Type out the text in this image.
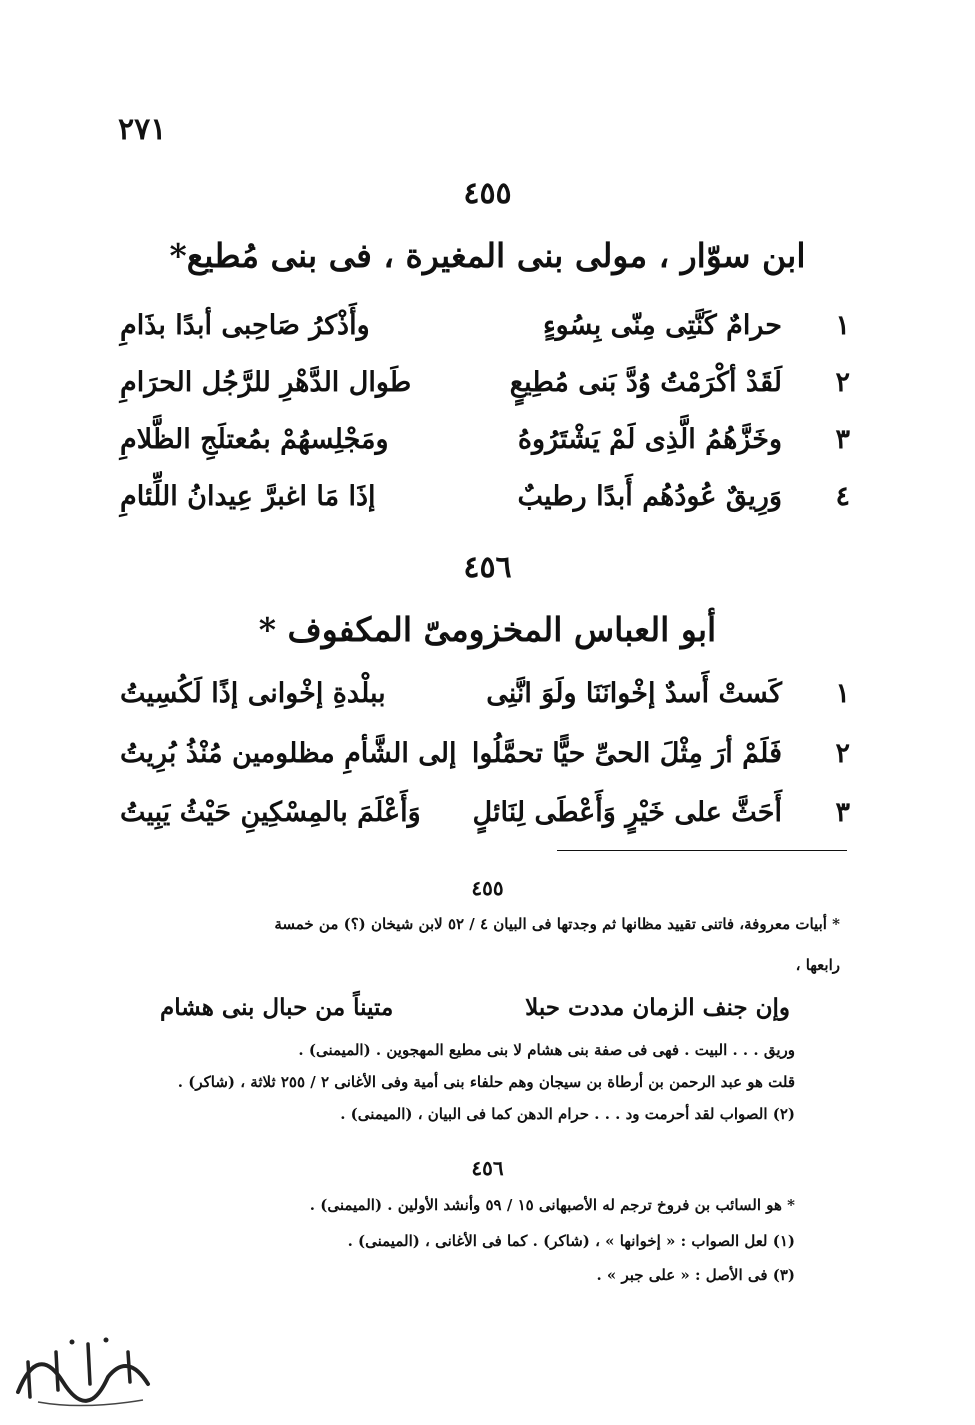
٢٧١
٤٥٥
ابن سوّار ، مولى بنى المغيرة ، فى بنى مُطيع*
١
حرامٌ كَنَّتِى مِنّى بِسُوءٍ
وأَذْكرُ صَاحِبى أبدًا بذَامِ
٢
لَقَدْ أكْرَمْتُ وُدَّ بَنى مُطِيعٍ
طَوال الدَّهْرِ للرَّجُل الحرَامِ
٣
وخَزَّهُمُ الَّذِى لَمْ يَشْتَرُوهُ
ومَجْلِسهُمْ بمُعتلَجِ الظَّلامِ
٤
وَرِيقٌ عُودُهُم أَبدًا رطيبٌ
إذَا مَا اغبرَّ عِيدانُ اللِّئامِ
٤٥٦
أبو العباس المخزومىّ المكفوف *
١
كَستْ أَسدٌ إخْوانَنَا ولَوَ انَّنِى
ببلْدةِ إخْوانى إذًا لَكُسِيتُ
٢
فَلَمْ أرَ مِثْلَ الحىِّ حيًّا تحمَّلُوا
إلى الشَّأمِ مظلومين مُنْذُ بُرِيتُ
٣
أَحَثَّ على خَيْرٍ وَأَعْطَى لِنَائلٍ
وَأَعْلَمَ بالمِسْكِينِ حَيْثُ يَبِيتُ
٤٥٥
* أبيات معروفة، فاتنى تقييد مظانها ثم وجدتها فى البيان ٤ / ٥٢ لابن شيخان (؟) من خمسة
رابعها ،
وإن جنف الزمان مددت حبلا
متيناً من حبال بنى هشام
وريق . . . البيت . فهى فى صفة بنى هشام لا بنى مطيع المهجوين . (الميمنى) .
قلت هو عبد الرحمن بن أرطاة بن سيجان وهم حلفاء بنى أمية وفى الأغانى ٢ / ٢٥٥ ثلاثة ، (شاكر) .
(٢) الصواب لقد أحرمت ود . . . حرام الدهن كما فى البيان ، (الميمنى) .
٤٥٦
* هو السائب بن فروخ ترجم له الأصبهانى ١٥ / ٥٩ وأنشد الأولين . (الميمنى) .
(١) لعل الصواب : « إخوانها » ، (شاكر) . كما فى الأغانى ، (الميمنى) .
(٣) فى الأصل : « على جبر » .
